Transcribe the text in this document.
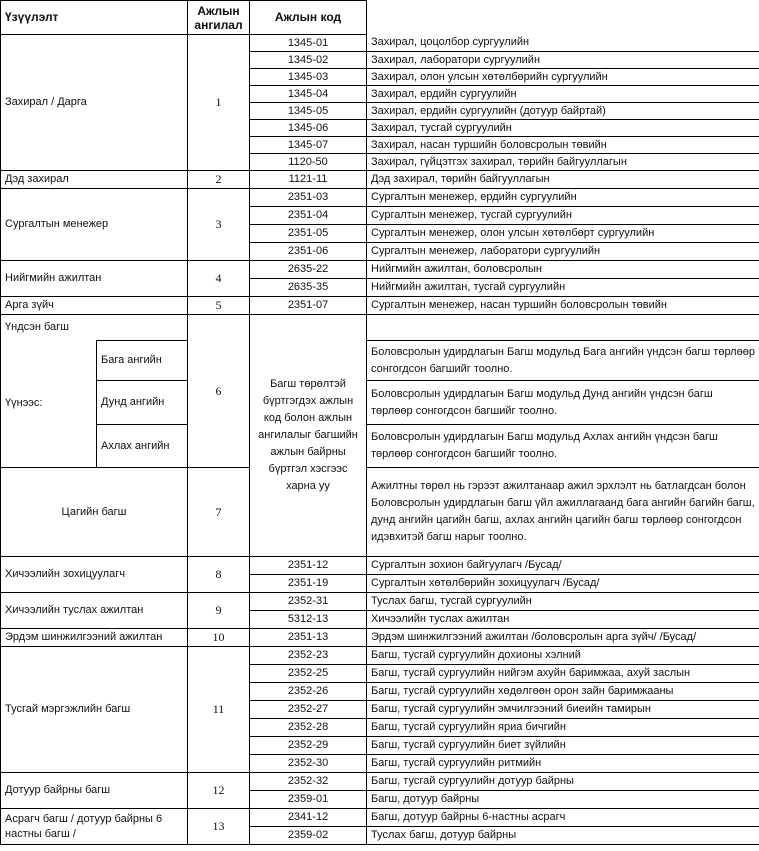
Үзүүлэлт		Ажлын ангилал	Ажлын код	
Захирал / Дарга		1	1345-01	Захирал, цоцолбор сургуулийн
			1345-02	Захирал, лаборатори сургуулийн
			1345-03	Захирал, олон улсын хөтөлбөрийн сургуулийн
			1345-04	Захирал, ердийн сургуулийн
			1345-05	Захирал, ердийн сургуулийн (дотуур байртай)
			1345-06	Захирал, тусгай сургуулийн
			1345-07	Захирал, насан туршийн боловсролын төвийн
			1120-50	Захирал, гүйцэтгэх захирал, төрийн байгууллагын
Дэд захирал		2	1121-11	Дэд захирал, төрийн байгууллагын
Сургалтын менежер		3	2351-03	Сургалтын менежер, ердийн сургуулийн
			2351-04	Сургалтын менежер, тусгай сургуулийн
			2351-05	Сургалтын менежер, олон улсын хөтөлбөрт сургуулийн
			2351-06	Сургалтын менежер, лаборатори сургуулийн
Нийгмийн ажилтан		4	2635-22	Нийгмийн ажилтан, боловсролын
			2635-35	Нийгмийн ажилтан, тусгай сургуулийн
Арга зүйч		5	2351-07	Сургалтын менежер, насан туршийн боловсролын төвийн
Үндсэн багш		6	Багш төрөлтэй бүртгэгдэх ажлын код болон ажлын ангилалыг багшийн ажлын байрны бүртгэл хэсгээс харна уу	
Үүнээс:	Бага ангийн			Боловсролын удирдлагын Багш модульд Бага ангийн үндсэн багш төрлөөр сонгогдсон багшийг тоолно.
	Дунд ангийн			Боловсролын удирдлагын Багш модульд Дунд ангийн үндсэн багш төрлөөр сонгогдсон багшийг тоолно.
	Ахлах ангийн			Боловсролын удирдлагын Багш модульд Ахлах ангийн үндсэн багш төрлөөр сонгогдсон багшийг тоолно.
Цагийн багш		7		Ажилтны төрөл нь гэрээт ажилтанаар ажил эрхлэлт нь батлагдсан болон Боловсролын удирдлагын багш үйл ажиллагаанд бага ангийн багийн багш, дунд ангийн цагийн багш, ахлах ангийн цагийн багш төрлөөр сонгогдсон идэвхитэй багш нарыг тоолно.
Хичээлийн зохицуулагч		8	2351-12	Сургалтын зохион байгуулагч /Бусад/
			2351-19	Сургалтын хөтөлбөрийн зохицуулагч /Бусад/
Хичээлийн туслах ажилтан		9	2352-31	Туслах багш, тусгай сургуулийн
			5312-13	Хичээлийн туслах ажилтан
Эрдэм шинжилгээний ажилтан		10	2351-13	Эрдэм шинжилгээний ажилтан /боловсролын арга зүйч/ /Бусад/
Тусгай мэргэжлийн багш		11	2352-23	Багш, тусгай сургуулийн дохионы хэлний
			2352-25	Багш, тусгай сургуулийн нийгэм ахуйн баримжаа, ахуй заслын
			2352-26	Багш, тусгай сургуулийн хөдөлгөөн орон зайн баримжааны
			2352-27	Багш, тусгай сургуулийн эмчилгээний биеийн тамирын
			2352-28	Багш, тусгай сургуулийн яриа бичгийн
			2352-29	Багш, тусгай сургуулийн биет зүйлийн
			2352-30	Багш, тусгай сургуулийн ритмийн
Дотуур байрны багш		12	2352-32	Багш, тусгай сургуулийн дотуур байрны
			2359-01	Багш, дотуур байрны
Асрагч багш / дотуур байрны 6 настны багш /		13	2341-12	Багш, дотуур байрны 6-настны асрагч
			2359-02	Туслах багш, дотуур байрны
